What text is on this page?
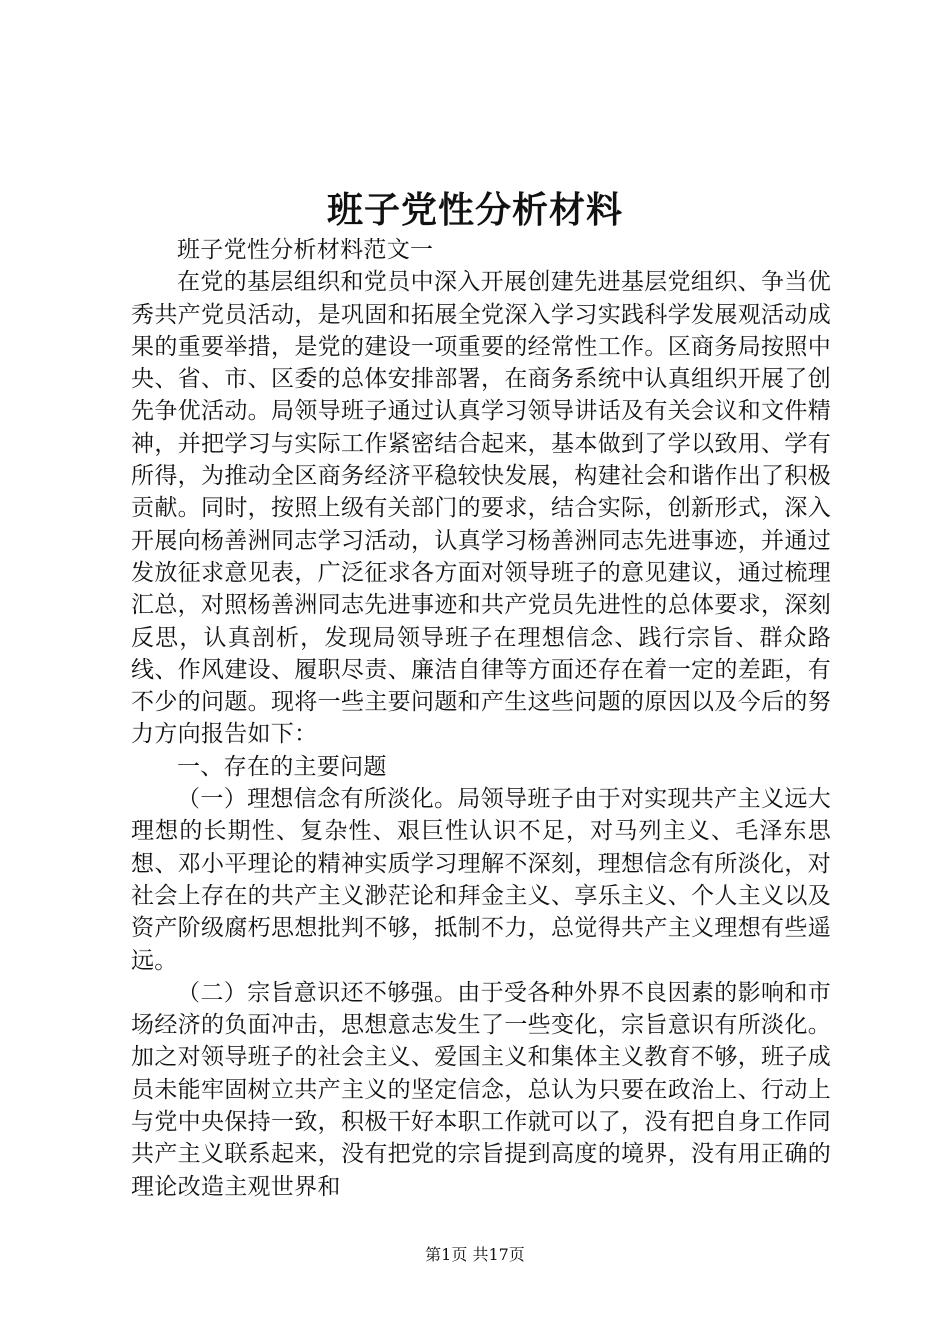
班子党性分析材料

班子党性分析材料范文一

在党的基层组织和党员中深入开展创建先进基层党组织、争当优秀共产党员活动，是巩固和拓展全党深入学习实践科学发展观活动成果的重要举措，是党的建设一项重要的经常性工作。区商务局按照中央、省、市、区委的总体安排部署，在商务系统中认真组织开展了创先争优活动。局领导班子通过认真学习领导讲话及有关会议和文件精神，并把学习与实际工作紧密结合起来，基本做到了学以致用、学有所得，为推动全区商务经济平稳较快发展，构建社会和谐作出了积极贡献。同时，按照上级有关部门的要求，结合实际，创新形式，深入开展向杨善洲同志学习活动，认真学习杨善洲同志先进事迹，并通过发放征求意见表，广泛征求各方面对领导班子的意见建议，通过梳理汇总，对照杨善洲同志先进事迹和共产党员先进性的总体要求，深刻反思，认真剖析，发现局领导班子在理想信念、践行宗旨、群众路线、作风建设、履职尽责、廉洁自律等方面还存在着一定的差距，有不少的问题。现将一些主要问题和产生这些问题的原因以及今后的努力方向报告如下：

一、存在的主要问题

（一）理想信念有所淡化。局领导班子由于对实现共产主义远大理想的长期性、复杂性、艰巨性认识不足，对马列主义、毛泽东思想、邓小平理论的精神实质学习理解不深刻，理想信念有所淡化，对社会上存在的共产主义渺茫论和拜金主义、享乐主义、个人主义以及资产阶级腐朽思想批判不够，抵制不力，总觉得共产主义理想有些遥远。

（二）宗旨意识还不够强。由于受各种外界不良因素的影响和市场经济的负面冲击，思想意志发生了一些变化，宗旨意识有所淡化。加之对领导班子的社会主义、爱国主义和集体主义教育不够，班子成员未能牢固树立共产主义的坚定信念，总认为只要在政治上、行动上与党中央保持一致，积极干好本职工作就可以了，没有把自身工作同共产主义联系起来，没有把党的宗旨提到高度的境界，没有用正确的理论改造主观世界和

第1页 共17页
